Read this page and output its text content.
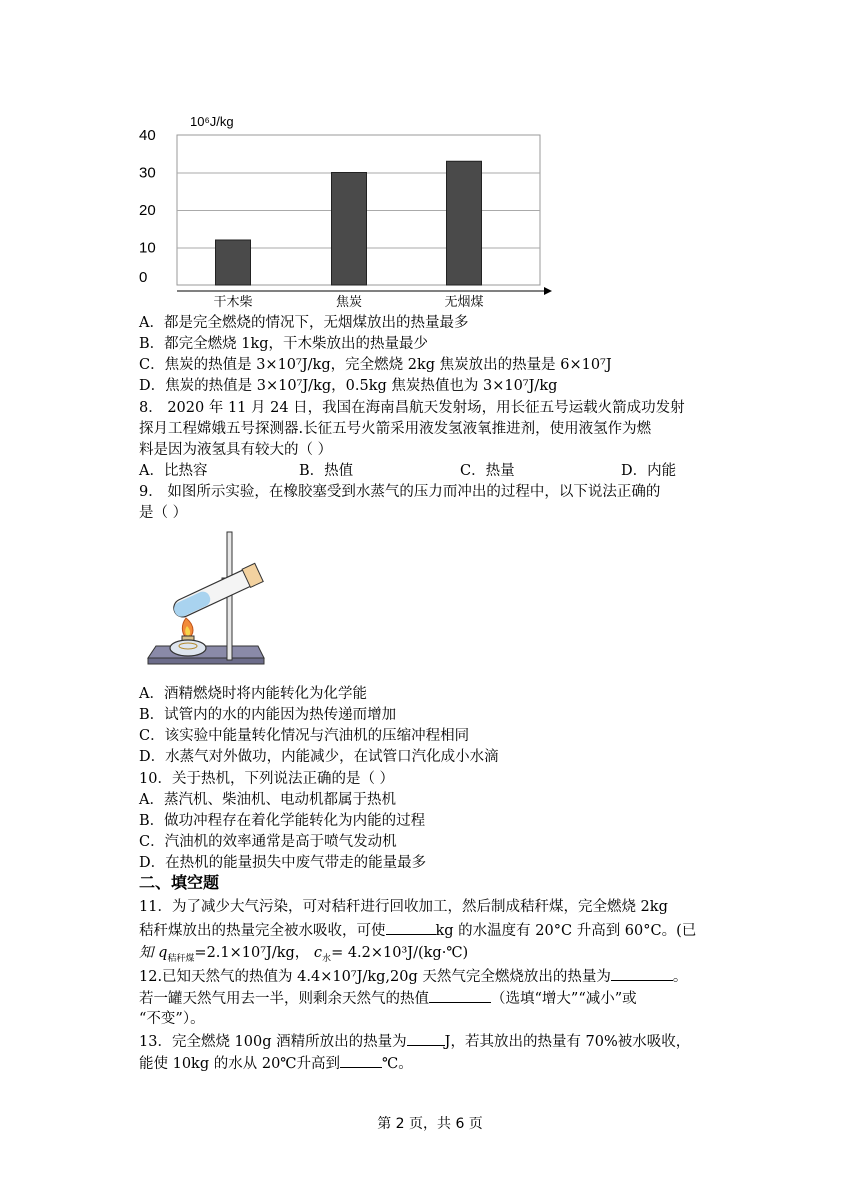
40
30
20
10
0
干木柴	焦炭	无烟煤
10⁶J/kg
A．都是完全燃烧的情况下，无烟煤放出的热量最多
B．都完全燃烧 1kg，干木柴放出的热量最少
C．焦炭的热值是 3×10⁷J/kg，完全燃烧 2kg 焦炭放出的热量是 6×10⁷J
D．焦炭的热值是 3×10⁷J/kg，0.5kg 焦炭热值也为 3×10⁷J/kg
8． 2020 年 11 月 24 日，我国在海南昌航天发射场，用长征五号运载火箭成功发射
探月工程嫦娥五号探测器.长征五号火箭采用液发氢液氧推进剂，使用液氢作为燃
料是因为液氢具有较大的（ ）
A．比热容	B．热值	C．热量	D．内能
9． 如图所示实验，在橡胶塞受到水蒸气的压力而冲出的过程中，以下说法正确的
是（ ）
A．酒精燃烧时将内能转化为化学能
B．试管内的水的内能因为热传递而增加
C．该实验中能量转化情况与汽油机的压缩冲程相同
D．水蒸气对外做功，内能减少，在试管口汽化成小水滴
10．关于热机，下列说法正确的是（ ）
A．蒸汽机、柴油机、电动机都属于热机
B．做功冲程存在着化学能转化为内能的过程
C．汽油机的效率通常是高于喷气发动机
D．在热机的能量损失中废气带走的能量最多
二、填空题
11．为了减少大气污染，可对秸秆进行回收加工，然后制成秸秆煤，完全燃烧 2kg
秸秆煤放出的热量完全被水吸收，可使	kg 的水温度有 20°C 升高到 60°C。(已
知 $q_{秸秆煤}=2.1\times 10^7J/kg$， $c_水=$ 4.2×10³J/(kg·℃)
12.已知天然气的热值为 4.4×10⁷J/kg,20g 天然气完全燃烧放出的热量为	。
若一罐天然气用去一半，则剩余天然气的热值	（选填“增大”“减小”或
“不变”）。
13．完全燃烧 100g 酒精所放出的热量为	J，若其放出的热量有 70%被水吸收，
能使 10kg 的水从 20℃升高到	℃。
第 2 页，共 6 页
